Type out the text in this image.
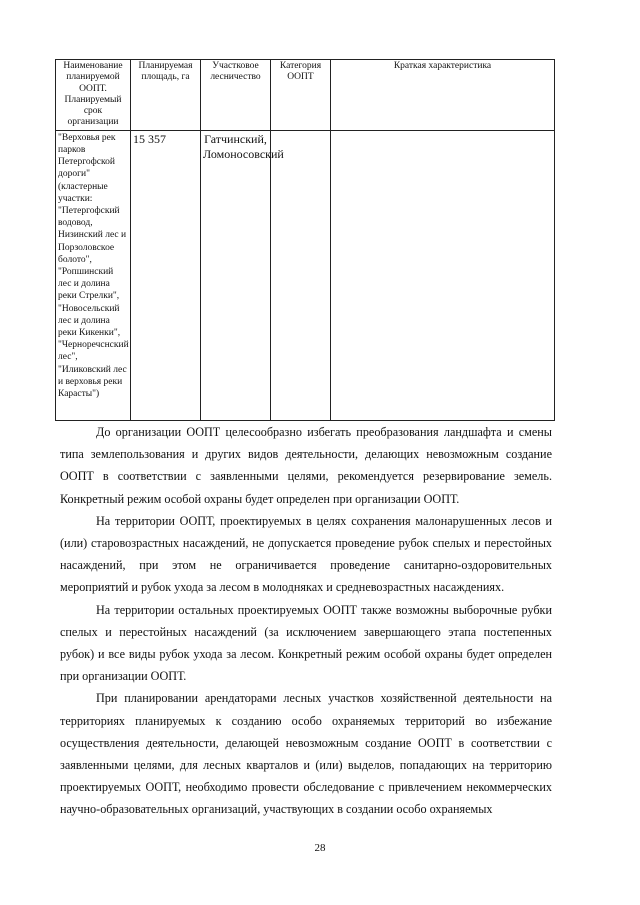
Наименование планируемой ООПТ. Планируемый срок организации	Планируемая площадь, га	Участковое лесничество	Категория ООПТ	Краткая характеристика
"Верховья рек парков Петергофской дороги" (кластерные участки: "Петергофский водовод, Низинский лес и Порзоловское болото", "Ропшинский лес и долина реки Стрелки", "Новосельский лес и долина реки Кикенки", "Черноречснский лес", "Иликовский лес и верховья реки Карасты")	15 357	Гатчинский, Ломоносовский		

До организации ООПТ целесообразно избегать преобразования ландшафта и смены типа землепользования и других видов деятельности, делающих невозможным создание ООПТ в соответствии с заявленными целями, рекомендуется резервирование земель. Конкретный режим особой охраны будет определен при организации ООПТ.

На территории ООПТ, проектируемых в целях сохранения малонарушенных лесов и (или) старовозрастных насаждений, не допускается проведение рубок спелых и перестойных насаждений, при этом не ограничивается проведение санитарно-оздоровительных мероприятий и рубок ухода за лесом в молодняках и средневозрастных насаждениях.

На территории остальных проектируемых ООПТ также возможны выборочные рубки спелых и перестойных насаждений (за исключением завершающего этапа постепенных рубок) и все виды рубок ухода за лесом. Конкретный режим особой охраны будет определен при организации ООПТ.

При планировании арендаторами лесных участков хозяйственной деятельности на территориях планируемых к созданию особо охраняемых территорий во избежание осуществления деятельности, делающей невозможным создание ООПТ в соответствии с заявленными целями, для лесных кварталов и (или) выделов, попадающих на территорию проектируемых ООПТ, необходимо провести обследование с привлечением некоммерческих научно-образовательных организаций, участвующих в создании особо охраняемых

28
